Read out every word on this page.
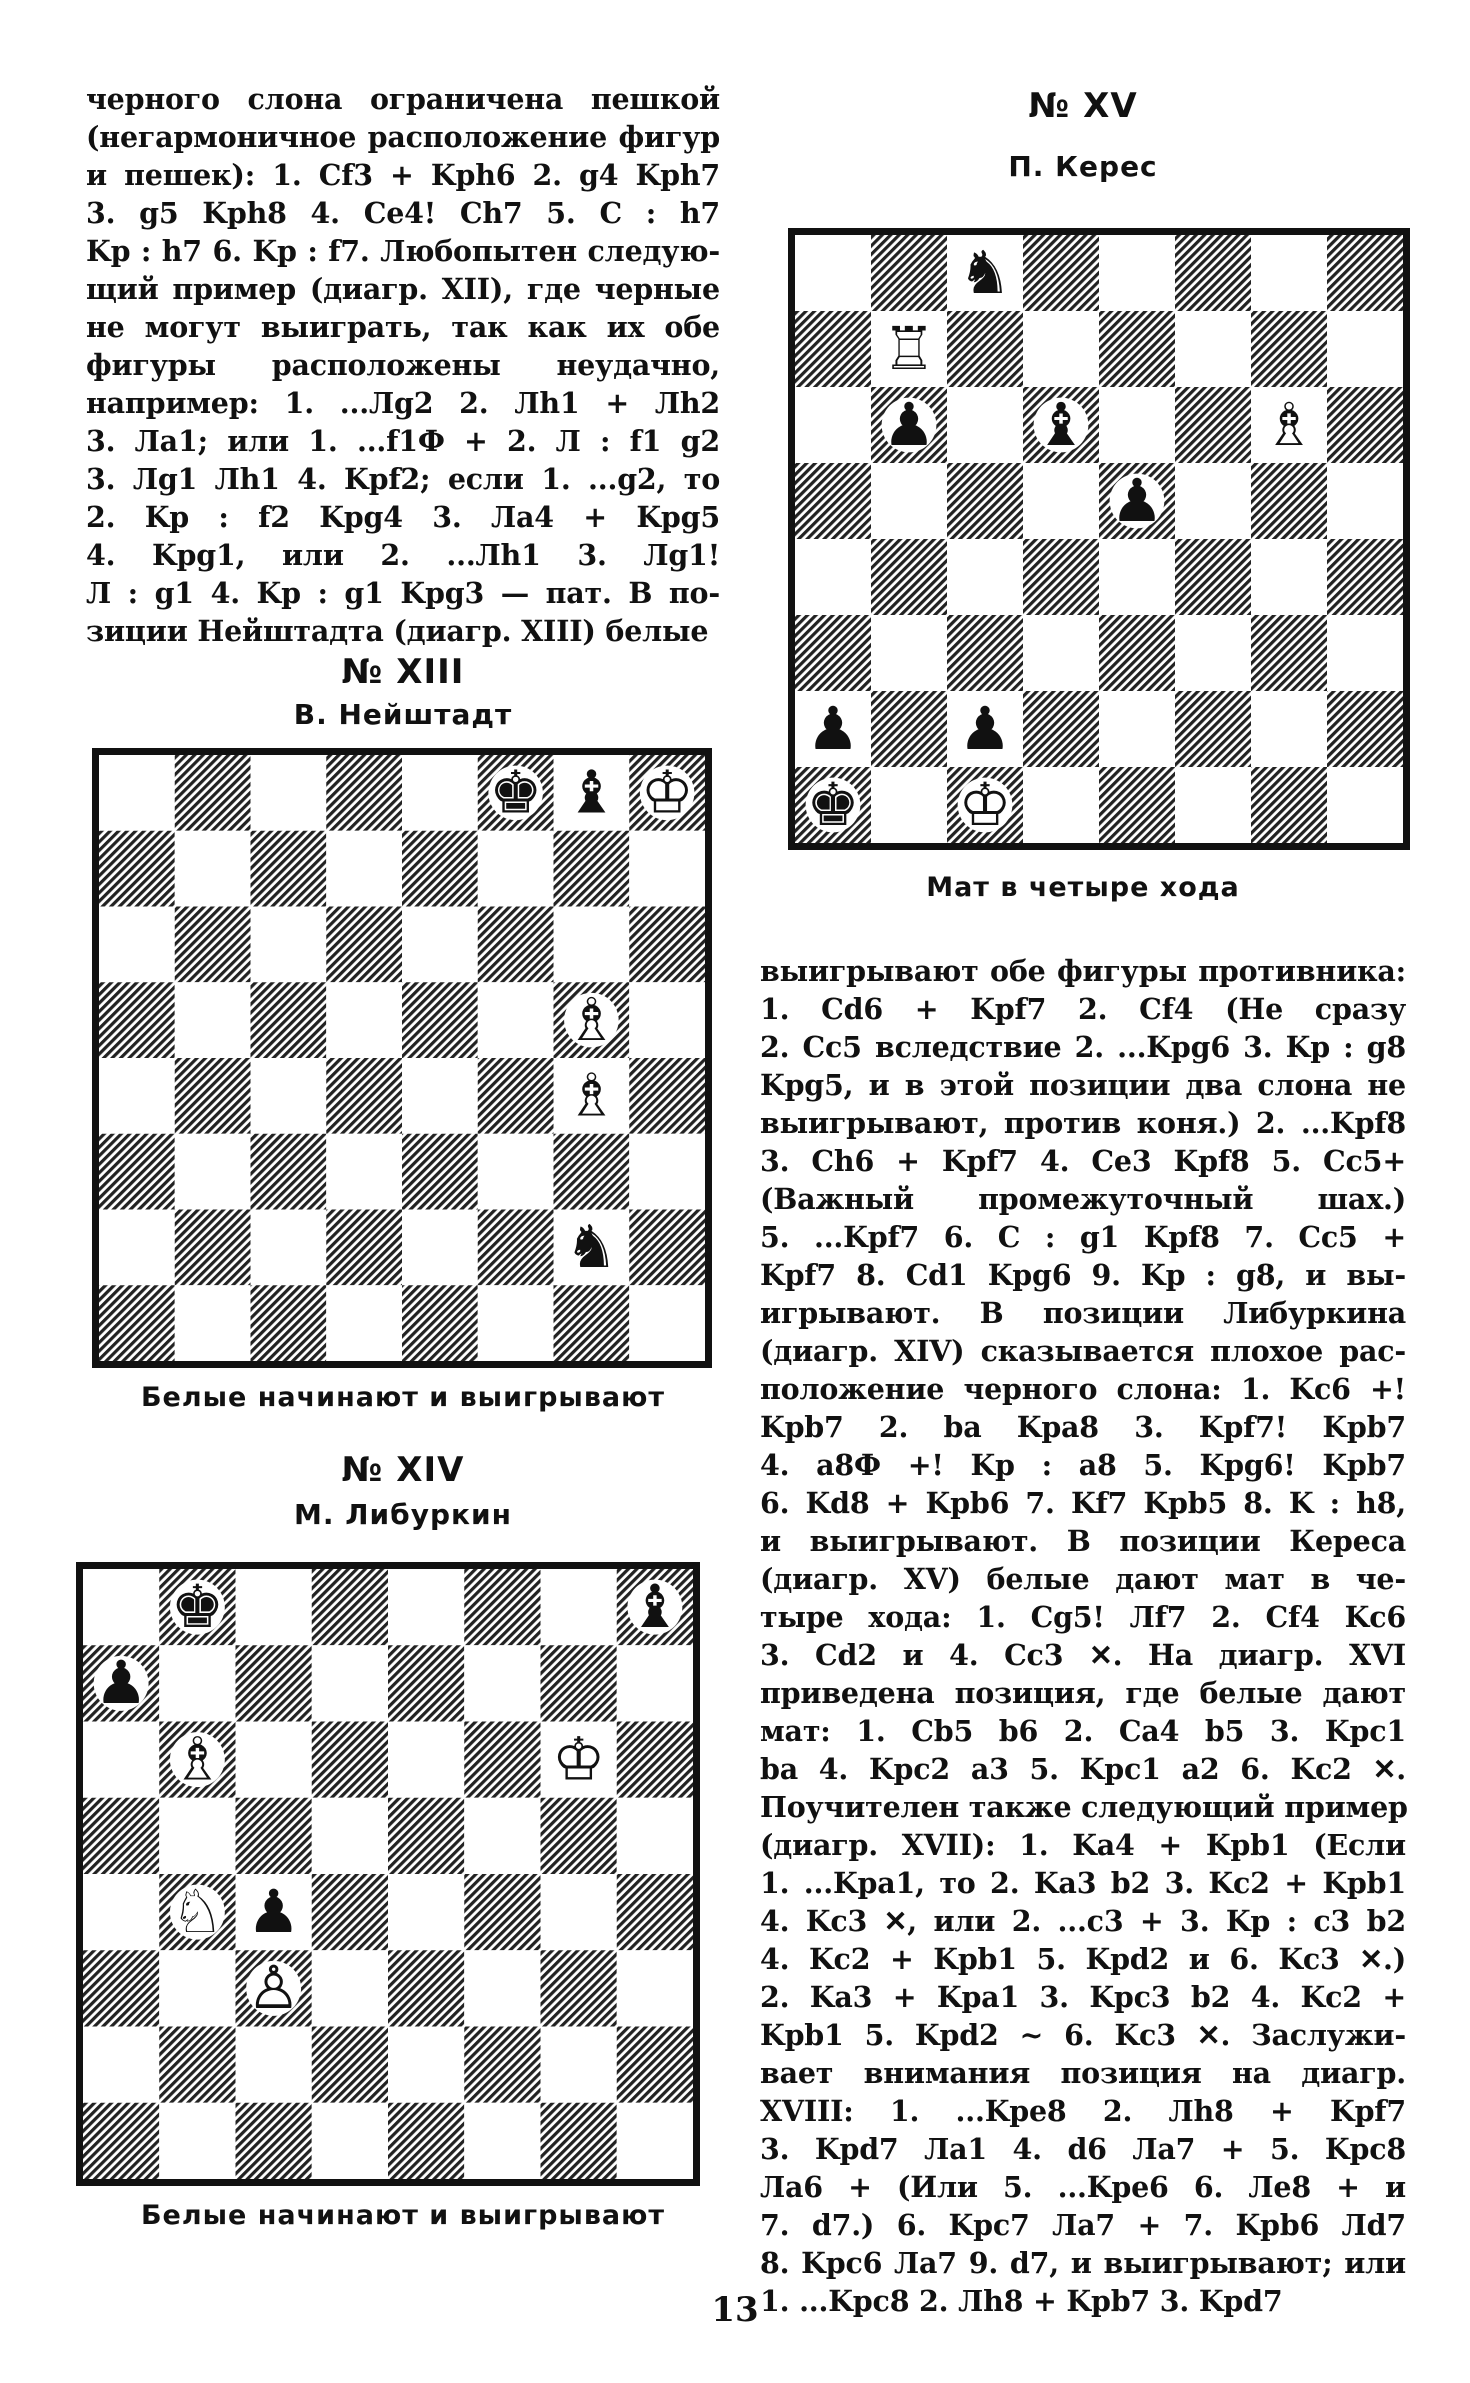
черного слона ограничена пешкой
(негармоничное расположение фигур
и пешек): 1. Cf3 + Kph6 2. g4 Kph7
3. g5 Kph8 4. Ce4! Ch7 5. C : h7
Kp : h7 6. Kp : f7. Любопытен следую-
щий пример (диагр. XII), где черные
не могут выиграть, так как их обе
фигуры расположены неудачно,
например: 1. ...Лg2 2. Лh1 + Лh2
3. Лa1; или 1. ...f1Ф + 2. Л : f1 g2
3. Лg1 Лh1 4. Kpf2; если 1. ...g2, то
2. Kp : f2 Kpg4 3. Лa4 + Kpg5
4. Kpg1, или 2. ...Лh1 3. Лg1!
Л : g1 4. Kp : g1 Kpg3 — пат. В по-
зиции Нейштадта (диагр. XIII) белые
№ XIII
В. Нейштадт
♚ ♝ ♔
♗
♗
♞
Белые начинают и выигрывают
№ XIV
М. Либуркин
♚	♝
♟
♗	♔
♘ ♟
♙
Белые начинают и выигрывают
№ XV
П. Керес
♞
♖
♟ ♝	♗
♟
♟ ♟
♚ ♔
Мат в четыре хода
выигрывают обе фигуры противника:
1. Cd6 + Kpf7 2. Cf4 (Не сразу
2. Cc5 вследствие 2. ...Kpg6 3. Kp : g8
Kpg5, и в этой позиции два слона не
выигрывают, против коня.) 2. ...Kpf8
3. Ch6 + Kpf7 4. Ce3 Kpf8 5. Cc5+
(Важный промежуточный шах.)
5. ...Kpf7 6. C : g1 Kpf8 7. Cc5 +
Kpf7 8. Cd1 Kpg6 9. Kp : g8, и вы-
игрывают. В позиции Либуркина
(диагр. XIV) сказывается плохое рас-
положение черного слона: 1. Kc6 +!
Kpb7 2. ba Kpa8 3. Kpf7! Kpb7
4. a8Ф +! Kp : a8 5. Kpg6! Kpb7
6. Kd8 + Kpb6 7. Kf7 Kpb5 8. K : h8,
и выигрывают. В позиции Кереса
(диагр. XV) белые дают мат в че-
тыре хода: 1. Cg5! Лf7 2. Cf4 Kc6
3. Cd2 и 4. Cc3 ✕. На диагр. XVI
приведена позиция, где белые дают
мат: 1. Cb5 b6 2. Ca4 b5 3. Kpc1
ba 4. Kpc2 a3 5. Kpc1 a2 6. Kc2 ✕.
Поучителен также следующий пример
(диагр. XVII): 1. Ka4 + Kpb1 (Если
1. ...Kpa1, то 2. Ka3 b2 3. Kc2 + Kpb1
4. Kc3 ✕, или 2. ...c3 + 3. Kp : c3 b2
4. Kc2 + Kpb1 5. Kpd2 и 6. Kc3 ✕.)
2. Ka3 + Kpa1 3. Kpc3 b2 4. Kc2 +
Kpb1 5. Kpd2 ~ 6. Kc3 ✕. Заслужи-
вает внимания позиция на диагр.
XVIII: 1. ...Kpe8 2. Лh8 + Kpf7
3. Kpd7 Лa1 4. d6 Лa7 + 5. Kpc8
Лa6 + (Или 5. ...Kpe6 6. Лe8 + и
7. d7.) 6. Kpc7 Лa7 + 7. Kpb6 Лd7
8. Kpc6 Лa7 9. d7, и выигрывают; или
1. ...Kpc8 2. Лh8 + Kpb7 3. Kpd7
13
